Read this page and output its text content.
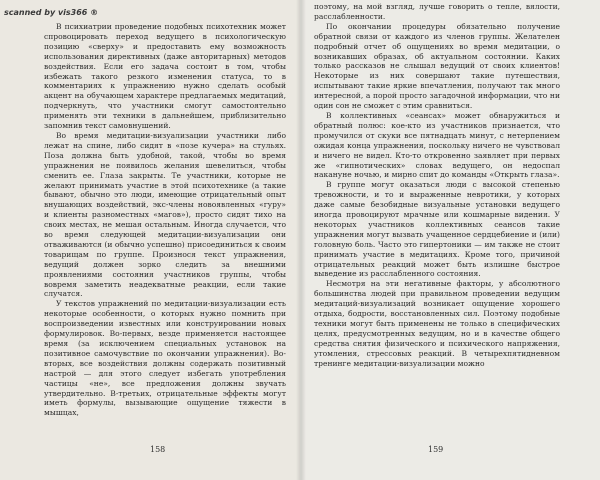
scanned by vis366 ®

В психиатрии проведение подобных психотехник может спровоцировать переход ведущего в психологическую позицию «сверху» и предоставить ему возможность использования директивных (даже авторитарных) методов воздействия. Если его задача состоит в том, чтобы избежать такого резкого изменения статуса, то в комментариях к упражнению нужно сделать особый акцент на обучающем характере предлагаемых медитаций, подчеркнуть, что участники смогут самостоятельно применять эти техники в дальнейшем, приблизительно запомнив текст самовнушений.

Во время медитации-визуализации участники либо лежат на спине, либо сидят в «позе кучера» на стульях. Поза должна быть удобной, такой, чтобы во время упражнения не появилось желания шевелиться, чтобы сменить ее. Глаза закрыты. Те участники, которые не желают принимать участие в этой психотехнике (а такие бывают, обычно это люди, имеющие отрицательный опыт внушающих воздействий, экс-члены новоявленных «гуру» и клиенты разноместных «магов»), просто сидят тихо на своих местах, не мешая остальным. Иногда случается, что во время следующей медитации-визуализации они отваживаются (и обычно успешно) присоединиться к своим товарищам по группе. Произнося текст упражнения, ведущий должен зорко следить за внешними проявлениями состояния участников группы, чтобы вовремя заметить неадекватные реакции, если такие случатся.

У текстов упражнений по медитации-визуализации есть некоторые особенности, о которых нужно помнить при воспроизведении известных или конструировании новых формулировок. Во-первых, везде применяется настоящее время (за исключением специальных установок на позитивное самочувствие по окончании упражнения). Во-вторых, все воздействия должны содержать позитивный настрой — для этого следует избегать употребления частицы «не», все предложения должны звучать утвердительно. В-третьих, отрицательные эффекты могут иметь формулы, вызывающие ощущение тяжести в мышцах,

158

поэтому, на мой взгляд, лучше говорить о тепле, вялости, расслабленности.

По окончании процедуры обязательно получение обратной связи от каждого из членов группы. Желателен подробный отчет об ощущениях во время медитации, о возникавших образах, об актуальном состоянии. Каких только рассказов не слышал ведущий от своих клиентов! Некоторые из них совершают такие путешествия, испытывают такие яркие впечатления, получают так много интересной, а порой просто загадочной информации, что ни один сон не сможет с этим сравниться.

В коллективных «сеансах» может обнаружиться и обратный полюс: кое-кто из участников признается, что промучился от скуки все пятнадцать минут, с нетерпением ожидая конца упражнения, поскольку ничего не чувствовал и ничего не видел. Кто-то откровенно заявляет при первых же «гипнотических» словах ведущего, он недоспал накануне ночью, и мирно спит до команды «Открыть глаза».

В группе могут оказаться люди с высокой степенью тревожности, и то и выраженные невротики, у которых даже самые безобидные визуальные установки ведущего иногда провоцируют мрачные или кошмарные видения. У некоторых участников коллективных сеансов такие упражнения могут вызвать учащенное сердцебиение и (или) головную боль. Часто это гипертоники — им также не стоит принимать участие в медитациях. Кроме того, причиной отрицательных реакций может быть излишне быстрое выведение из расслабленного состояния.

Несмотря на эти негативные факторы, у абсолютного большинства людей при правильном проведении ведущим медитаций-визуализаций возникает ощущение хорошего отдыха, бодрости, восстановленных сил. Поэтому подобные техники могут быть применены не только в специфических целях, предусмотренных ведущим, но и в качестве общего средства снятия физического и психического напряжения, утомления, стрессовых реакций. В четырехпятидневном тренинге медитации-визуализации можно

159
